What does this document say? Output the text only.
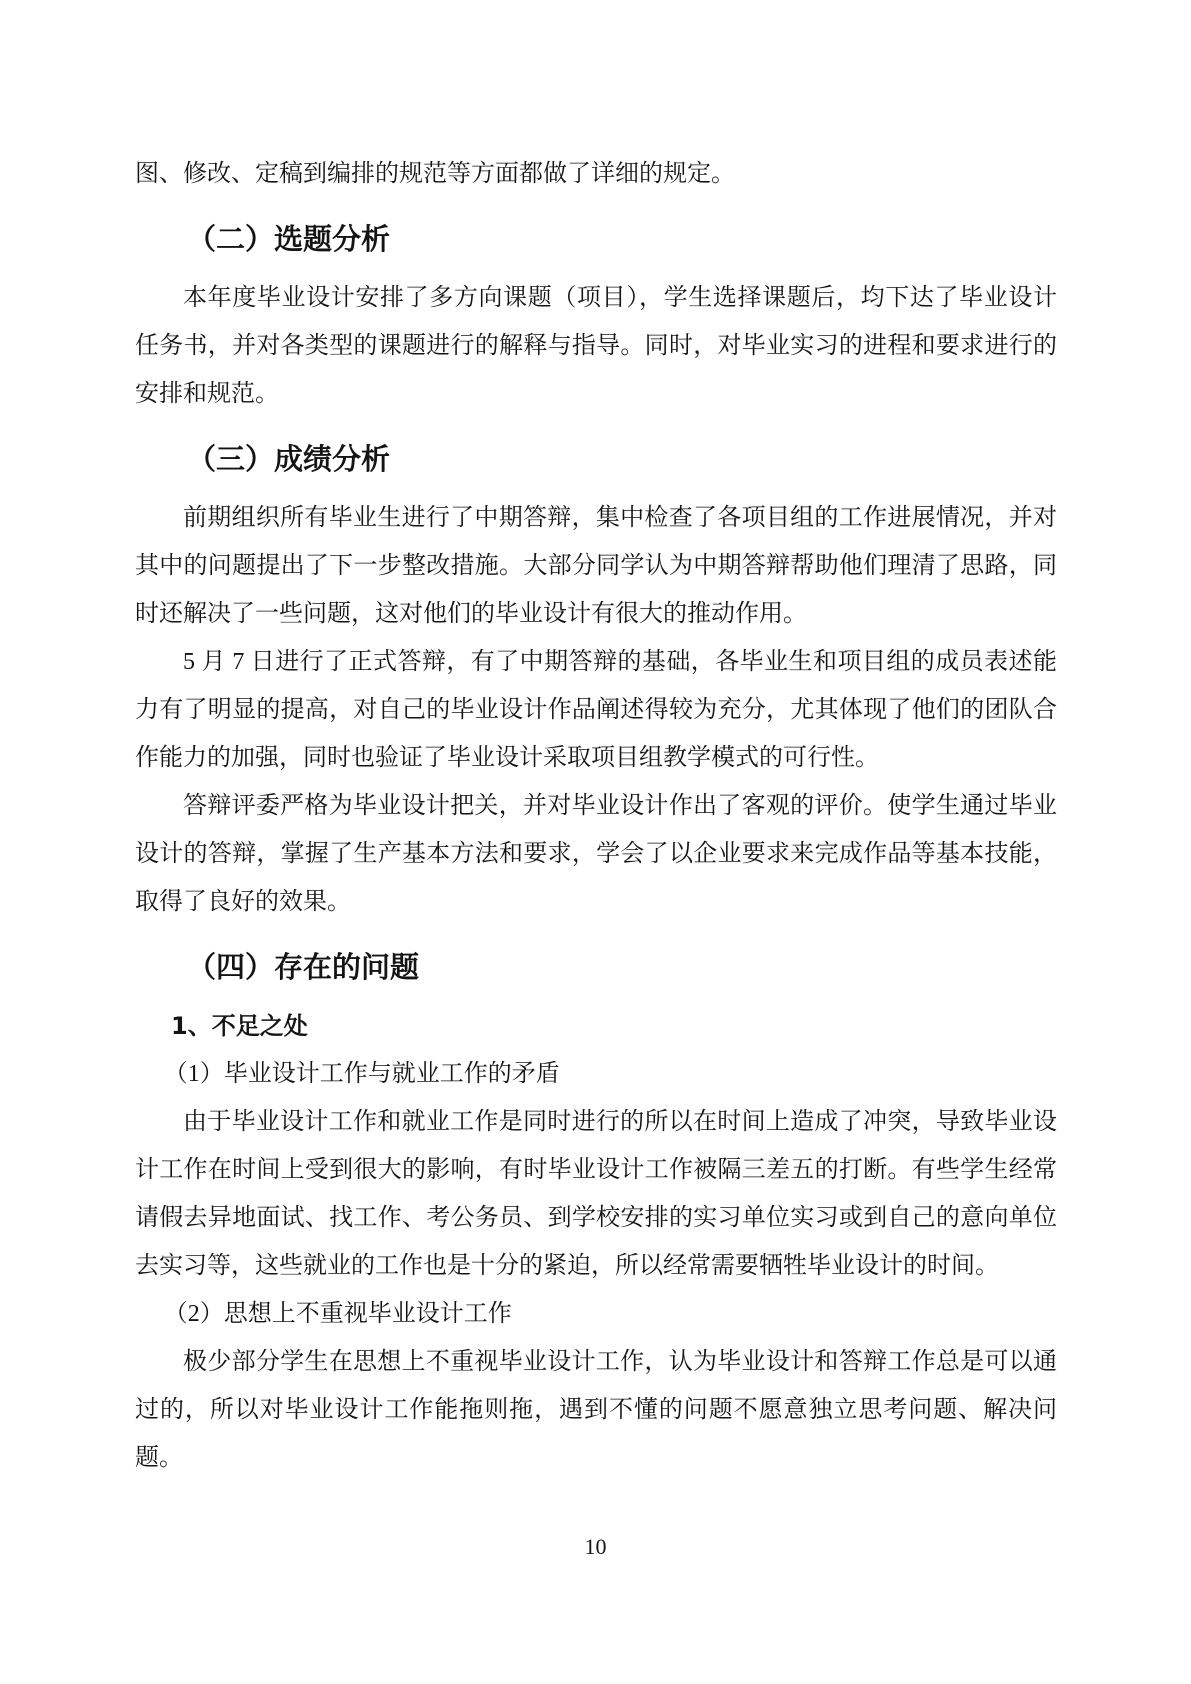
图、修改、定稿到编排的规范等方面都做了详细的规定。

（二）选题分析

本年度毕业设计安排了多方向课题（项目），学生选择课题后，均下达了毕业设计任务书，并对各类型的课题进行的解释与指导。同时，对毕业实习的进程和要求进行的安排和规范。

（三）成绩分析

前期组织所有毕业生进行了中期答辩，集中检查了各项目组的工作进展情况，并对其中的问题提出了下一步整改措施。大部分同学认为中期答辩帮助他们理清了思路，同时还解决了一些问题，这对他们的毕业设计有很大的推动作用。

5 月 7 日进行了正式答辩，有了中期答辩的基础，各毕业生和项目组的成员表述能力有了明显的提高，对自己的毕业设计作品阐述得较为充分，尤其体现了他们的团队合作能力的加强，同时也验证了毕业设计采取项目组教学模式的可行性。

答辩评委严格为毕业设计把关，并对毕业设计作出了客观的评价。使学生通过毕业设计的答辩，掌握了生产基本方法和要求，学会了以企业要求来完成作品等基本技能，取得了良好的效果。

（四）存在的问题
1、不足之处

（1）毕业设计工作与就业工作的矛盾

由于毕业设计工作和就业工作是同时进行的所以在时间上造成了冲突，导致毕业设计工作在时间上受到很大的影响，有时毕业设计工作被隔三差五的打断。有些学生经常请假去异地面试、找工作、考公务员、到学校安排的实习单位实习或到自己的意向单位去实习等，这些就业的工作也是十分的紧迫，所以经常需要牺牲毕业设计的时间。

（2）思想上不重视毕业设计工作

极少部分学生在思想上不重视毕业设计工作，认为毕业设计和答辩工作总是可以通过的，所以对毕业设计工作能拖则拖，遇到不懂的问题不愿意独立思考问题、解决问题。

10
